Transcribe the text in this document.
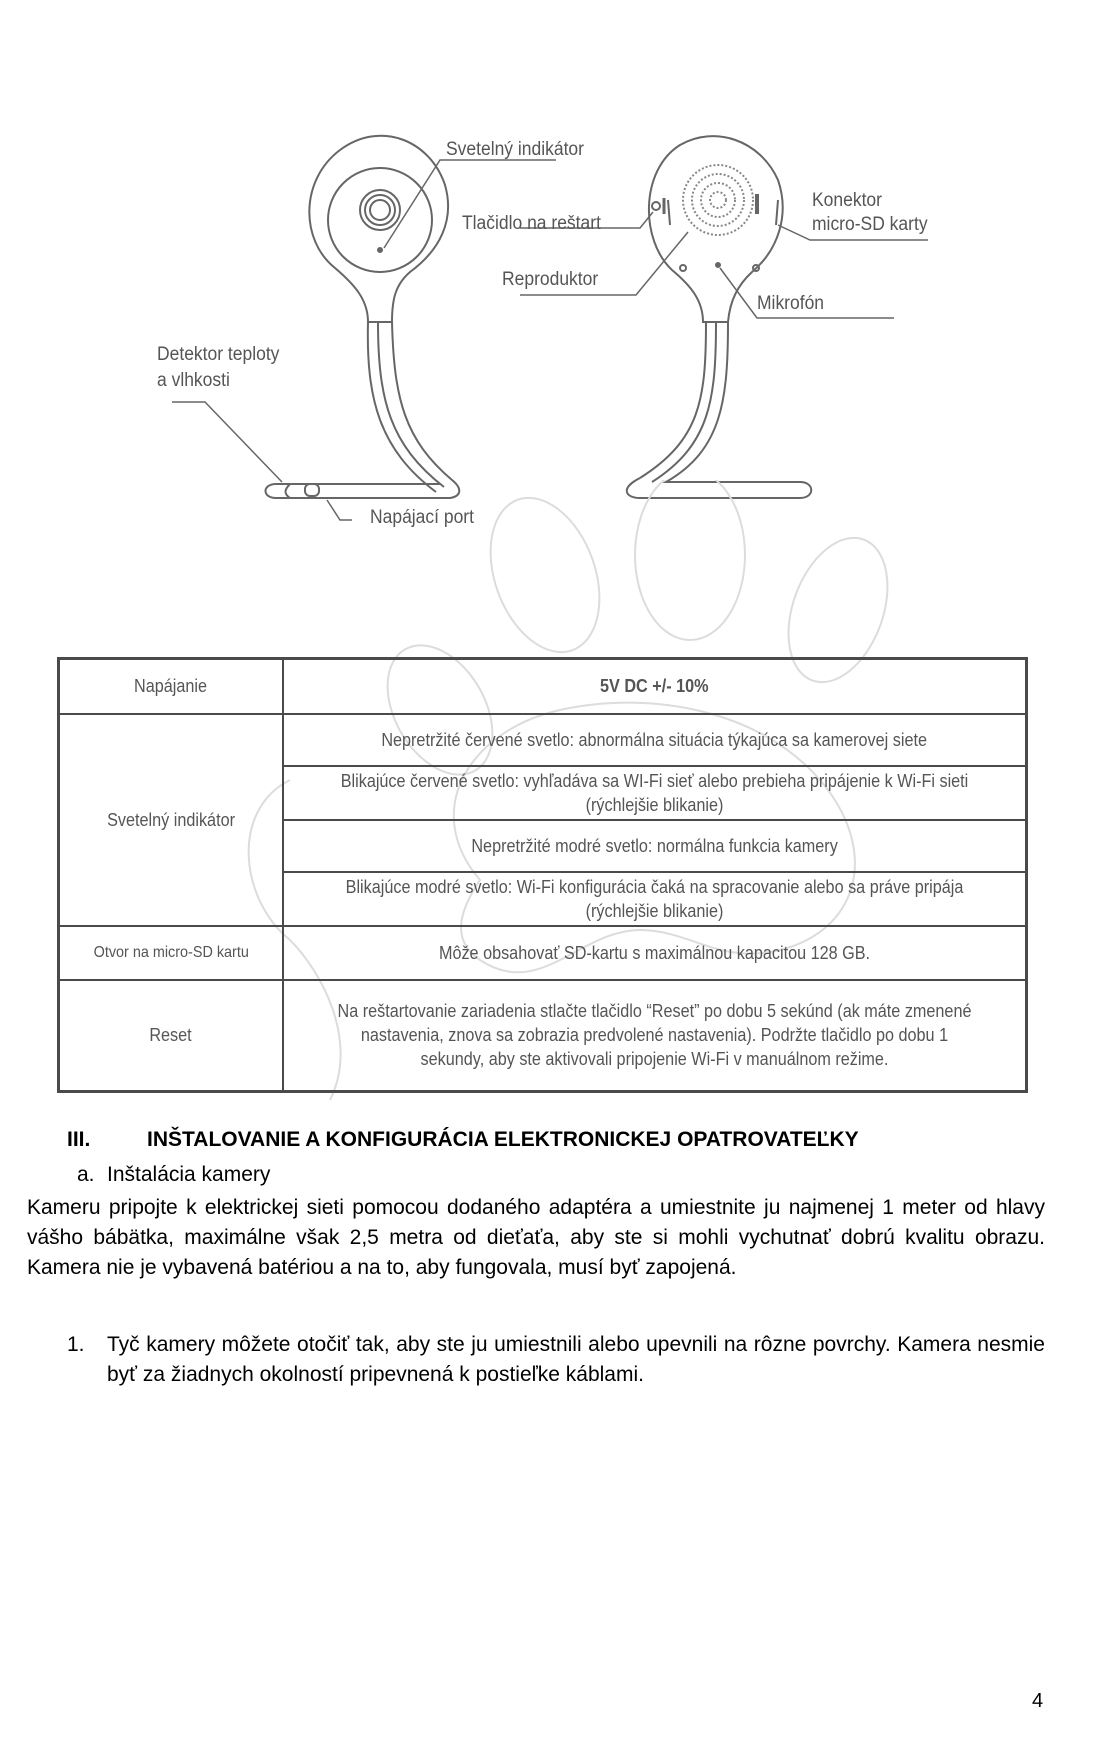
Svetelný indikátor
Tlačidlo na reštart
Reproduktor
Konektor
micro-SD karty
Mikrofón
Detektor teploty
a vlhkosti
Napájací port
Napájanie	5V DC +/- 10%
Svetelný indikátor	Nepretržité červené svetlo: abnormálna situácia týkajúca sa kamerovej siete
	Blikajúce červené svetlo: vyhľadáva sa WI-Fi sieť alebo prebieha pripájenie k Wi-Fi sieti (rýchlejšie blikanie)
	Nepretržité modré svetlo: normálna funkcia kamery
	Blikajúce modré svetlo: Wi-Fi konfigurácia čaká na spracovanie alebo sa práve pripája (rýchlejšie blikanie)
Otvor na micro-SD kartu	Môže obsahovať SD-kartu s maximálnou kapacitou 128 GB.
Reset	Na reštartovanie zariadenia stlačte tlačidlo “Reset” po dobu 5 sekúnd (ak máte zmenené nastavenia, znova sa zobrazia predvolené nastavenia). Podržte tlačidlo po dobu 1 sekundy, aby ste aktivovali pripojenie Wi-Fi v manuálnom režime.
III.	INŠTALOVANIE A KONFIGURÁCIA ELEKTRONICKEJ OPATROVATEĽKY
a. Inštalácia kamery
Kameru pripojte k elektrickej sieti pomocou dodaného adaptéra a umiestnite ju najmenej 1 meter od hlavy vášho bábätka, maximálne však 2,5 metra od dieťaťa, aby ste si mohli vychutnať dobrú kvalitu obrazu. Kamera nie je vybavená batériou a na to, aby fungovala, musí byť zapojená.
1. Tyč kamery môžete otočiť tak, aby ste ju umiestnili alebo upevnili na rôzne povrchy. Kamera nesmie byť za žiadnych okolností pripevnená k postieľke káblami.
4
